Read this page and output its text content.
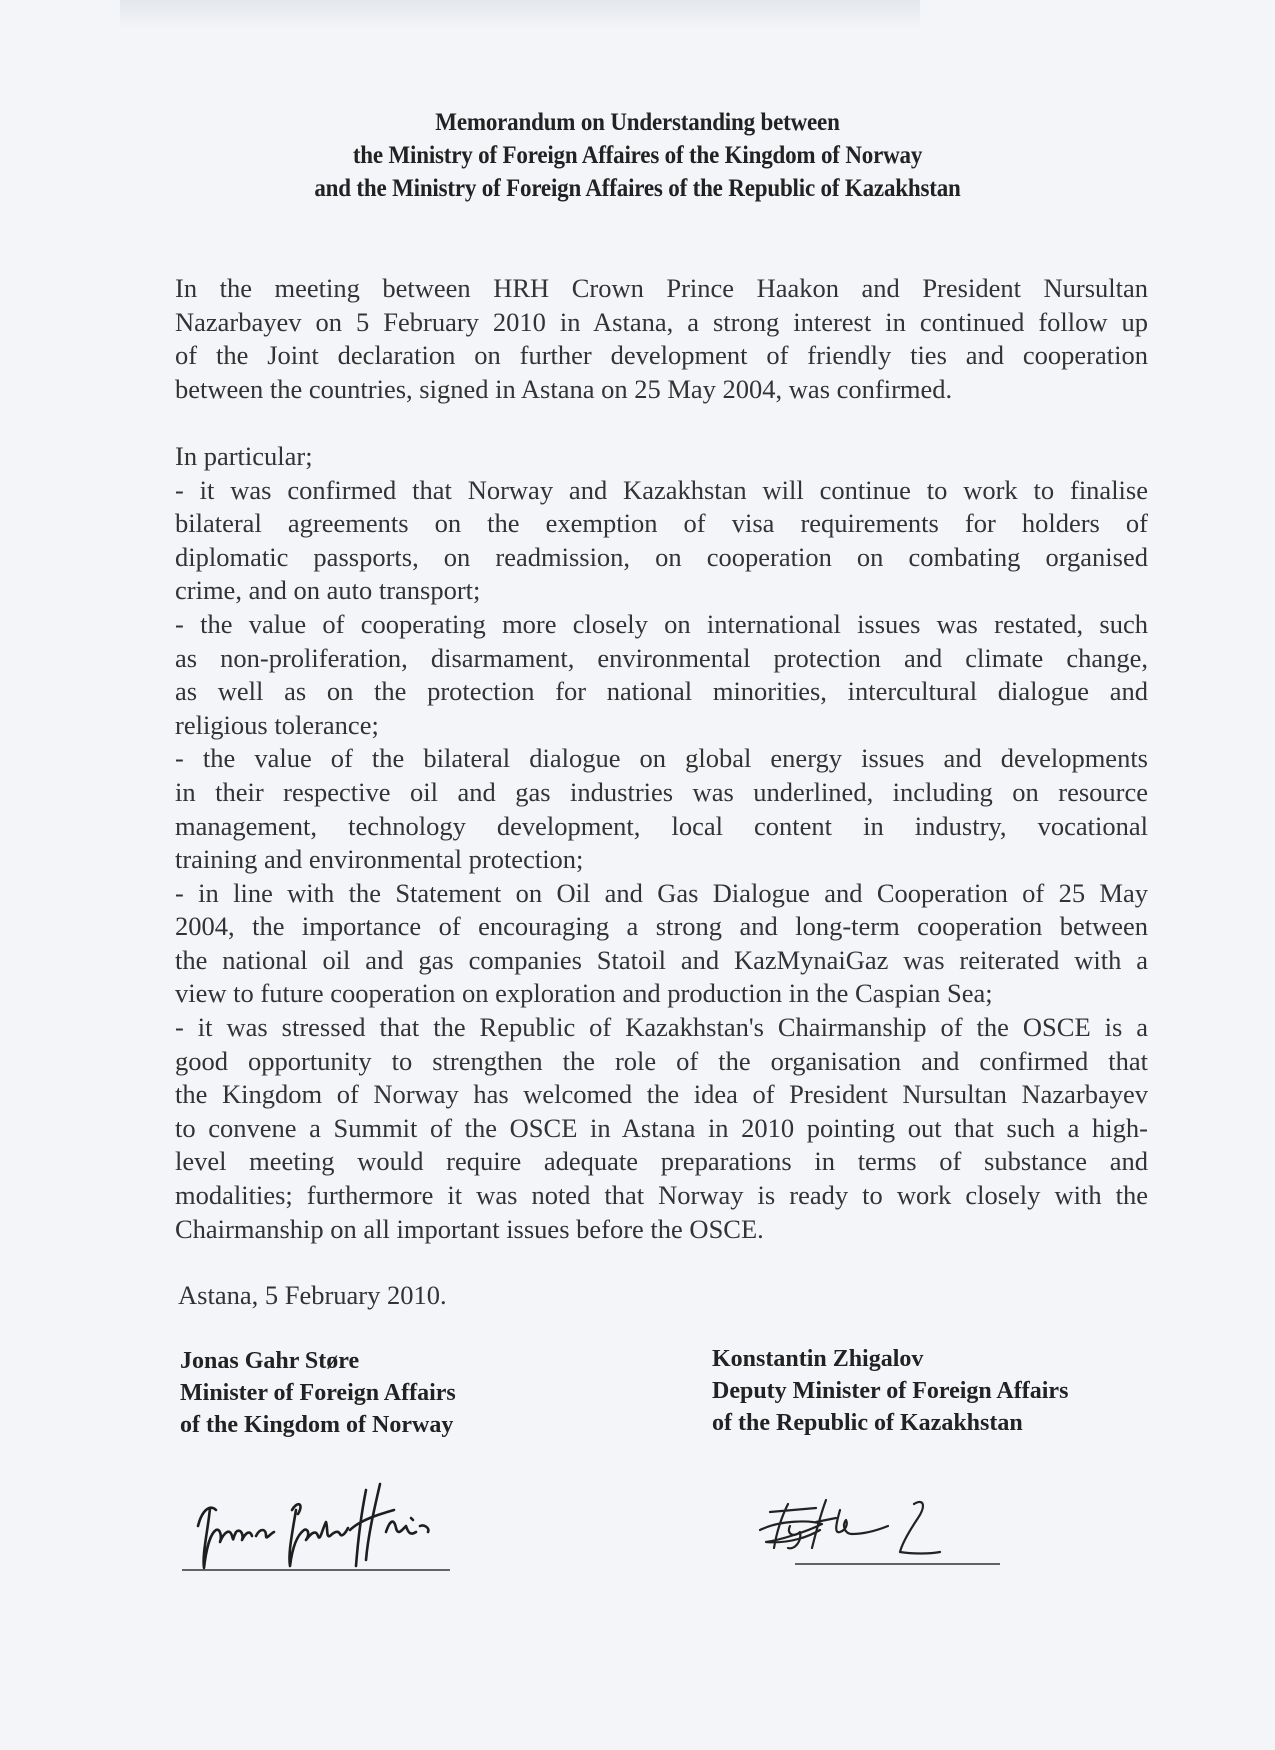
Memorandum on Understanding between
the Ministry of Foreign Affaires of the Kingdom of Norway
and the Ministry of Foreign Affaires of the Republic of Kazakhstan
In the meeting between HRH Crown Prince Haakon and President Nursultan
Nazarbayev on 5 February 2010 in Astana, a strong interest in continued follow up
of the Joint declaration on further development of friendly ties and cooperation
between the countries, signed in Astana on 25 May 2004, was confirmed.
In particular;
- it was confirmed that Norway and Kazakhstan will continue to work to finalise
bilateral agreements on the exemption of visa requirements for holders of
diplomatic passports, on readmission, on cooperation on combating organised
crime, and on auto transport;
- the value of cooperating more closely on international issues was restated, such
as non-proliferation, disarmament, environmental protection and climate change,
as well as on the protection for national minorities, intercultural dialogue and
religious tolerance;
- the value of the bilateral dialogue on global energy issues and developments
in their respective oil and gas industries was underlined, including on resource
management, technology development, local content in industry, vocational
training and environmental protection;
- in line with the Statement on Oil and Gas Dialogue and Cooperation of 25 May
2004, the importance of encouraging a strong and long-term cooperation between
the national oil and gas companies Statoil and KazMynaiGaz was reiterated with a
view to future cooperation on exploration and production in the Caspian Sea;
- it was stressed that the Republic of Kazakhstan's Chairmanship of the OSCE is a
good opportunity to strengthen the role of the organisation and confirmed that
the Kingdom of Norway has welcomed the idea of President Nursultan Nazarbayev
to convene a Summit of the OSCE in Astana in 2010 pointing out that such a high-
level meeting would require adequate preparations in terms of substance and
modalities; furthermore it was noted that Norway is ready to work closely with the
Chairmanship on all important issues before the OSCE.
Astana, 5 February 2010.
Jonas Gahr Støre
Minister of Foreign Affairs
of the Kingdom of Norway
Konstantin Zhigalov
Deputy Minister of Foreign Affairs
of the Republic of Kazakhstan
